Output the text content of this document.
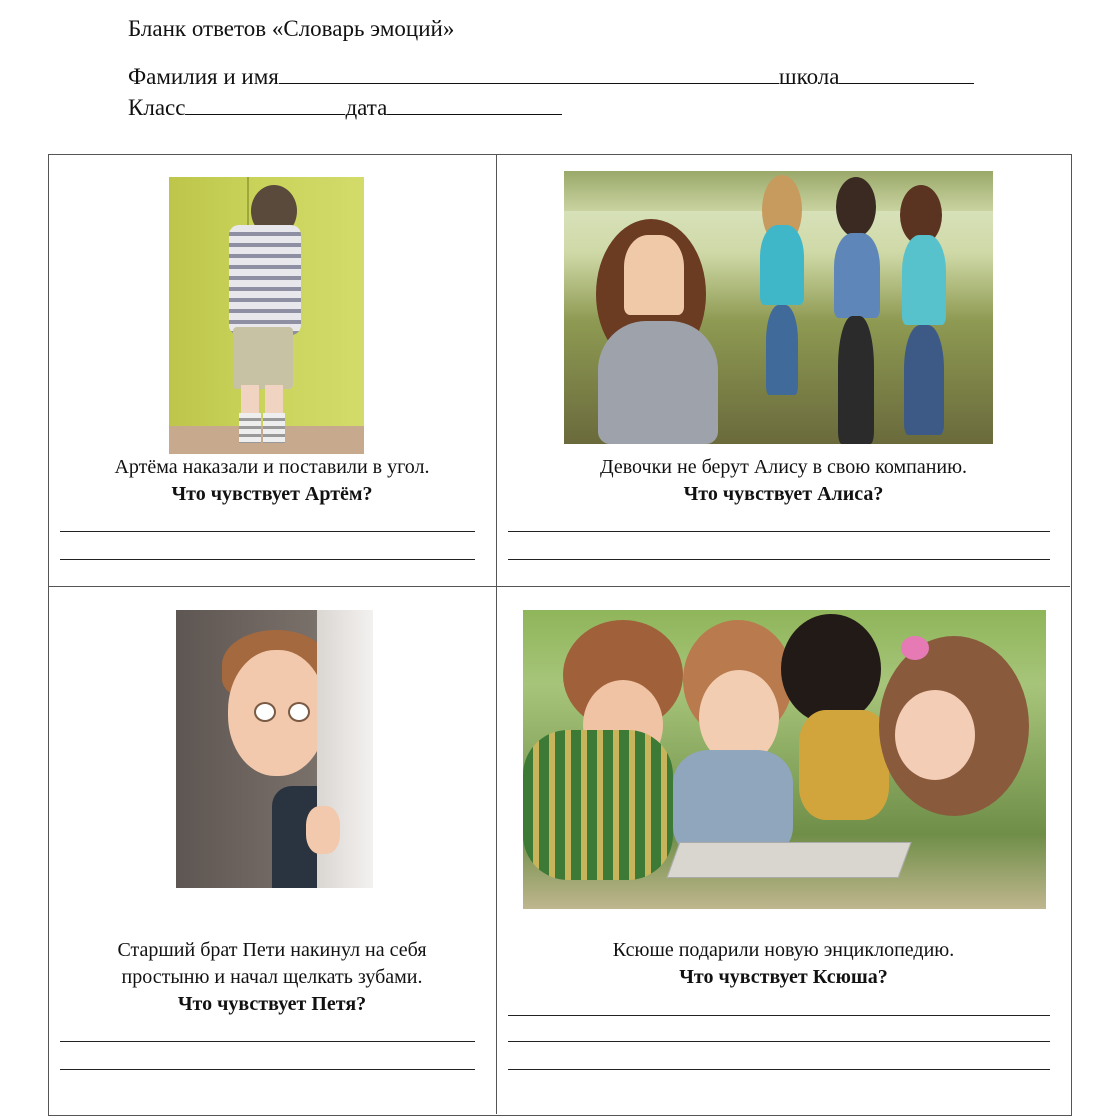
Бланк ответов «Словарь эмоций»
Фамилия и имя	школа
Класс	дата
Артёма наказали и поставили в угол.
Что чувствует Артём?
Девочки не берут Алису в свою компанию.
Что чувствует Алиса?
Старший брат Пети накинул на себя
простыню и начал щелкать зубами.
Что чувствует Петя?
Ксюше подарили новую энциклопедию.
Что чувствует Ксюша?
